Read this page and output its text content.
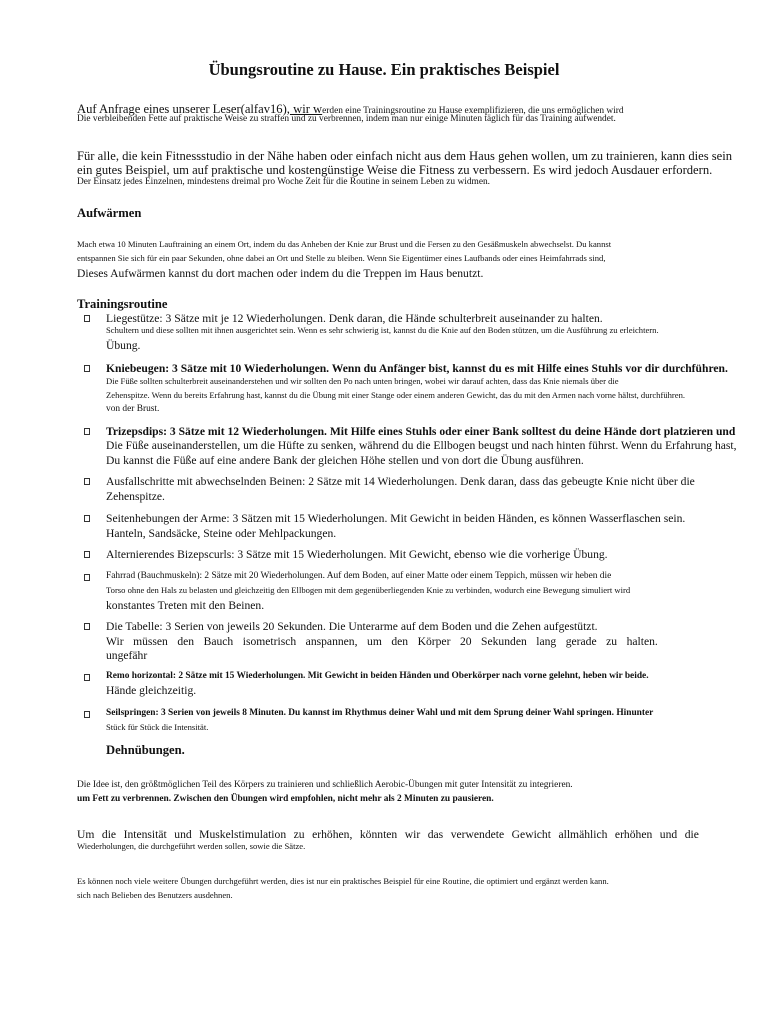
Übungsroutine zu Hause. Ein praktisches Beispiel

Auf Anfrage eines unserer Leser(alfav16), wir werden eine Trainingsroutine zu Hause exemplifizieren, die uns ermöglichen wird

Die verbleibenden Fette auf praktische Weise zu straffen und zu verbrennen, indem man nur einige Minuten täglich für das Training aufwendet.

Für alle, die kein Fitnessstudio in der Nähe haben oder einfach nicht aus dem Haus gehen wollen, um zu trainieren, kann dies sein

ein gutes Beispiel, um auf praktische und kostengünstige Weise die Fitness zu verbessern. Es wird jedoch Ausdauer erfordern.

Der Einsatz jedes Einzelnen, mindestens dreimal pro Woche Zeit für die Routine in seinem Leben zu widmen.

Aufwärmen

Mach etwa 10 Minuten Lauftraining an einem Ort, indem du das Anheben der Knie zur Brust und die Fersen zu den Gesäßmuskeln abwechselst. Du kannst

entspannen Sie sich für ein paar Sekunden, ohne dabei an Ort und Stelle zu bleiben. Wenn Sie Eigentümer eines Laufbands oder eines Heimfahrrads sind,

Dieses Aufwärmen kannst du dort machen oder indem du die Treppen im Haus benutzt.

Trainingsroutine

Liegestütze: 3 Sätze mit je 12 Wiederholungen. Denk daran, die Hände schulterbreit auseinander zu halten.

Schultern und diese sollten mit ihnen ausgerichtet sein. Wenn es sehr schwierig ist, kannst du die Knie auf den Boden stützen, um die Ausführung zu erleichtern.

Übung.

Kniebeugen: 3 Sätze mit 10 Wiederholungen. Wenn du Anfänger bist, kannst du es mit Hilfe eines Stuhls vor dir durchführen.

Die Füße sollten schulterbreit auseinanderstehen und wir sollten den Po nach unten bringen, wobei wir darauf achten, dass das Knie niemals über die

Zehenspitze. Wenn du bereits Erfahrung hast, kannst du die Übung mit einer Stange oder einem anderen Gewicht, das du mit den Armen nach vorne hältst, durchführen.

von der Brust.

Trizepsdips: 3 Sätze mit 12 Wiederholungen. Mit Hilfe eines Stuhls oder einer Bank solltest du deine Hände dort platzieren und

Die Füße auseinanderstellen, um die Hüfte zu senken, während du die Ellbogen beugst und nach hinten führst. Wenn du Erfahrung hast,

Du kannst die Füße auf eine andere Bank der gleichen Höhe stellen und von dort die Übung ausführen.

Ausfallschritte mit abwechselnden Beinen: 2 Sätze mit 14 Wiederholungen. Denk daran, dass das gebeugte Knie nicht über die

Zehenspitze.

Seitenhebungen der Arme: 3 Sätzen mit 15 Wiederholungen. Mit Gewicht in beiden Händen, es können Wasserflaschen sein.

Hanteln, Sandsäcke, Steine oder Mehlpackungen.

Alternierendes Bizepscurls: 3 Sätze mit 15 Wiederholungen. Mit Gewicht, ebenso wie die vorherige Übung.

Fahrrad (Bauchmuskeln): 2 Sätze mit 20 Wiederholungen. Auf dem Boden, auf einer Matte oder einem Teppich, müssen wir heben die

Torso ohne den Hals zu belasten und gleichzeitig den Ellbogen mit dem gegenüberliegenden Knie zu verbinden, wodurch eine Bewegung simuliert wird

konstantes Treten mit den Beinen.

Die Tabelle: 3 Serien von jeweils 20 Sekunden. Die Unterarme auf dem Boden und die Zehen aufgestützt.

Wir müssen den Bauch isometrisch anspannen, um den Körper 20 Sekunden lang gerade zu halten.

ungefähr

Remo horizontal: 2 Sätze mit 15 Wiederholungen. Mit Gewicht in beiden Händen und Oberkörper nach vorne gelehnt, heben wir beide.

Hände gleichzeitig.

Seilspringen: 3 Serien von jeweils 8 Minuten. Du kannst im Rhythmus deiner Wahl und mit dem Sprung deiner Wahl springen. Hinunter

Stück für Stück die Intensität.

Dehnübungen.

Die Idee ist, den größtmöglichen Teil des Körpers zu trainieren und schließlich Aerobic-Übungen mit guter Intensität zu integrieren.

um Fett zu verbrennen. Zwischen den Übungen wird empfohlen, nicht mehr als 2 Minuten zu pausieren.

Um die Intensität und Muskelstimulation zu erhöhen, könnten wir das verwendete Gewicht allmählich erhöhen und die

Wiederholungen, die durchgeführt werden sollen, sowie die Sätze.

Es können noch viele weitere Übungen durchgeführt werden, dies ist nur ein praktisches Beispiel für eine Routine, die optimiert und ergänzt werden kann.

sich nach Belieben des Benutzers ausdehnen.
